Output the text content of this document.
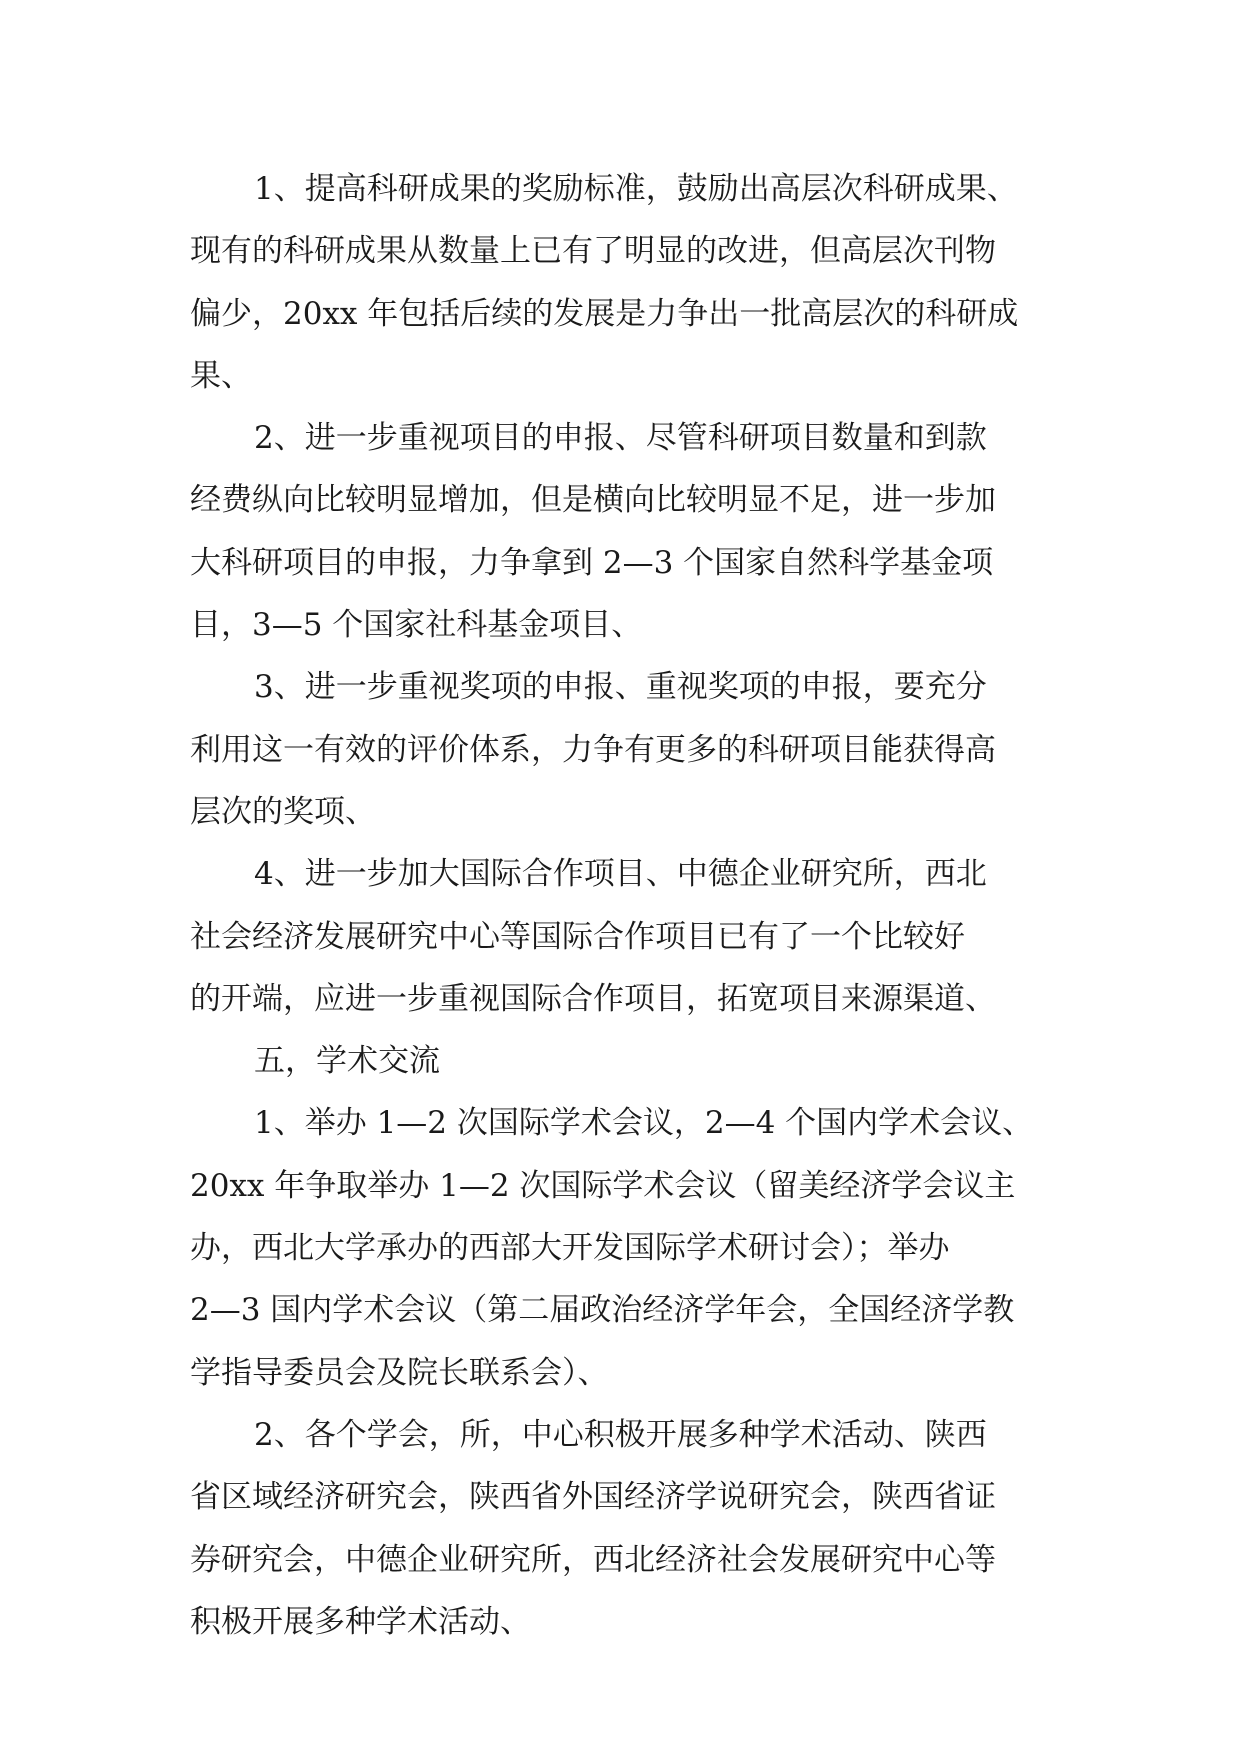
1、提高科研成果的奖励标准，鼓励出高层次科研成果、
现有的科研成果从数量上已有了明显的改进，但高层次刊物
偏少，20xx 年包括后续的发展是力争出一批高层次的科研成
果、
2、进一步重视项目的申报、尽管科研项目数量和到款
经费纵向比较明显增加，但是横向比较明显不足，进一步加
大科研项目的申报，力争拿到 2—3 个国家自然科学基金项
目，3—5 个国家社科基金项目、
3、进一步重视奖项的申报、重视奖项的申报，要充分
利用这一有效的评价体系，力争有更多的科研项目能获得高
层次的奖项、
4、进一步加大国际合作项目、中德企业研究所，西北
社会经济发展研究中心等国际合作项目已有了一个比较好
的开端，应进一步重视国际合作项目，拓宽项目来源渠道、
五，学术交流
1、举办 1—2 次国际学术会议，2—4 个国内学术会议、
20xx 年争取举办 1—2 次国际学术会议（留美经济学会议主
办，西北大学承办的西部大开发国际学术研讨会）；举办
2—3 国内学术会议（第二届政治经济学年会，全国经济学教
学指导委员会及院长联系会）、
2、各个学会，所，中心积极开展多种学术活动、陕西
省区域经济研究会，陕西省外国经济学说研究会，陕西省证
券研究会，中德企业研究所，西北经济社会发展研究中心等
积极开展多种学术活动、
